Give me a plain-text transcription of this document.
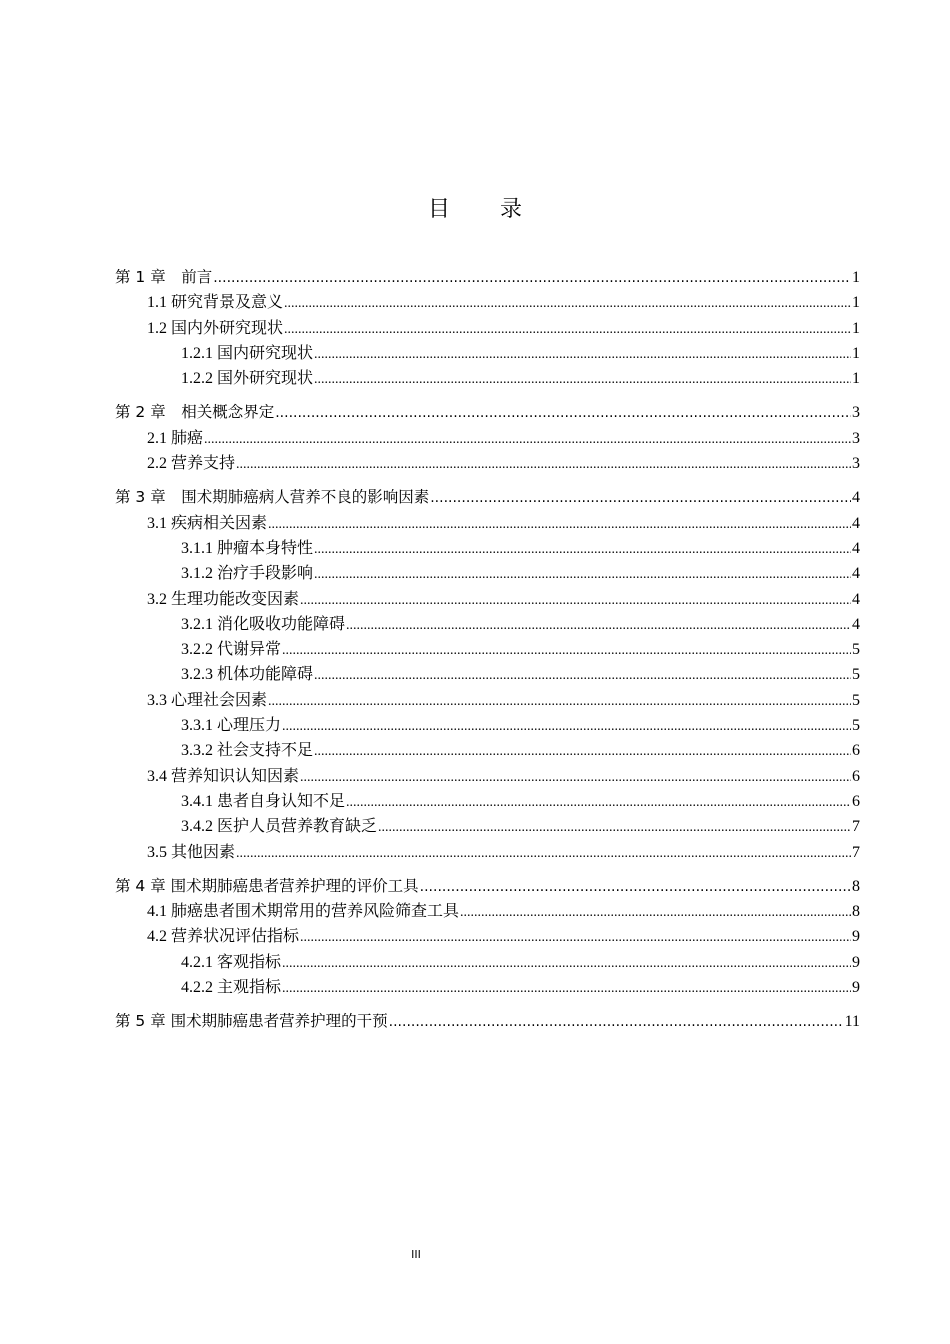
目　录
第 1 章　前言 .....	1
1.1 研究背景及意义 .....	1
1.2 国内外研究现状 .....	1
1.2.1 国内研究现状 .....	1
1.2.2 国外研究现状 .....	1
第 2 章　相关概念界定 .....	3
2.1 肺癌 .....	3
2.2 营养支持 .....	3
第 3 章　围术期肺癌病人营养不良的影响因素 .....	4
3.1 疾病相关因素 .....	4
3.1.1 肿瘤本身特性 .....	4
3.1.2 治疗手段影响 .....	4
3.2 生理功能改变因素 .....	4
3.2.1 消化吸收功能障碍 .....	4
3.2.2 代谢异常 .....	5
3.2.3 机体功能障碍 .....	5
3.3 心理社会因素 .....	5
3.3.1 心理压力 .....	5
3.3.2 社会支持不足 .....	6
3.4 营养知识认知因素 .....	6
3.4.1 患者自身认知不足 .....	6
3.4.2 医护人员营养教育缺乏 .....	7
3.5 其他因素 .....	7
第 4 章 围术期肺癌患者营养护理的评价工具 .....	8
4.1 肺癌患者围术期常用的营养风险筛查工具 .....	8
4.2 营养状况评估指标 .....	9
4.2.1 客观指标 .....	9
4.2.2 主观指标 .....	9
第 5 章 围术期肺癌患者营养护理的干预 .....	11
III
